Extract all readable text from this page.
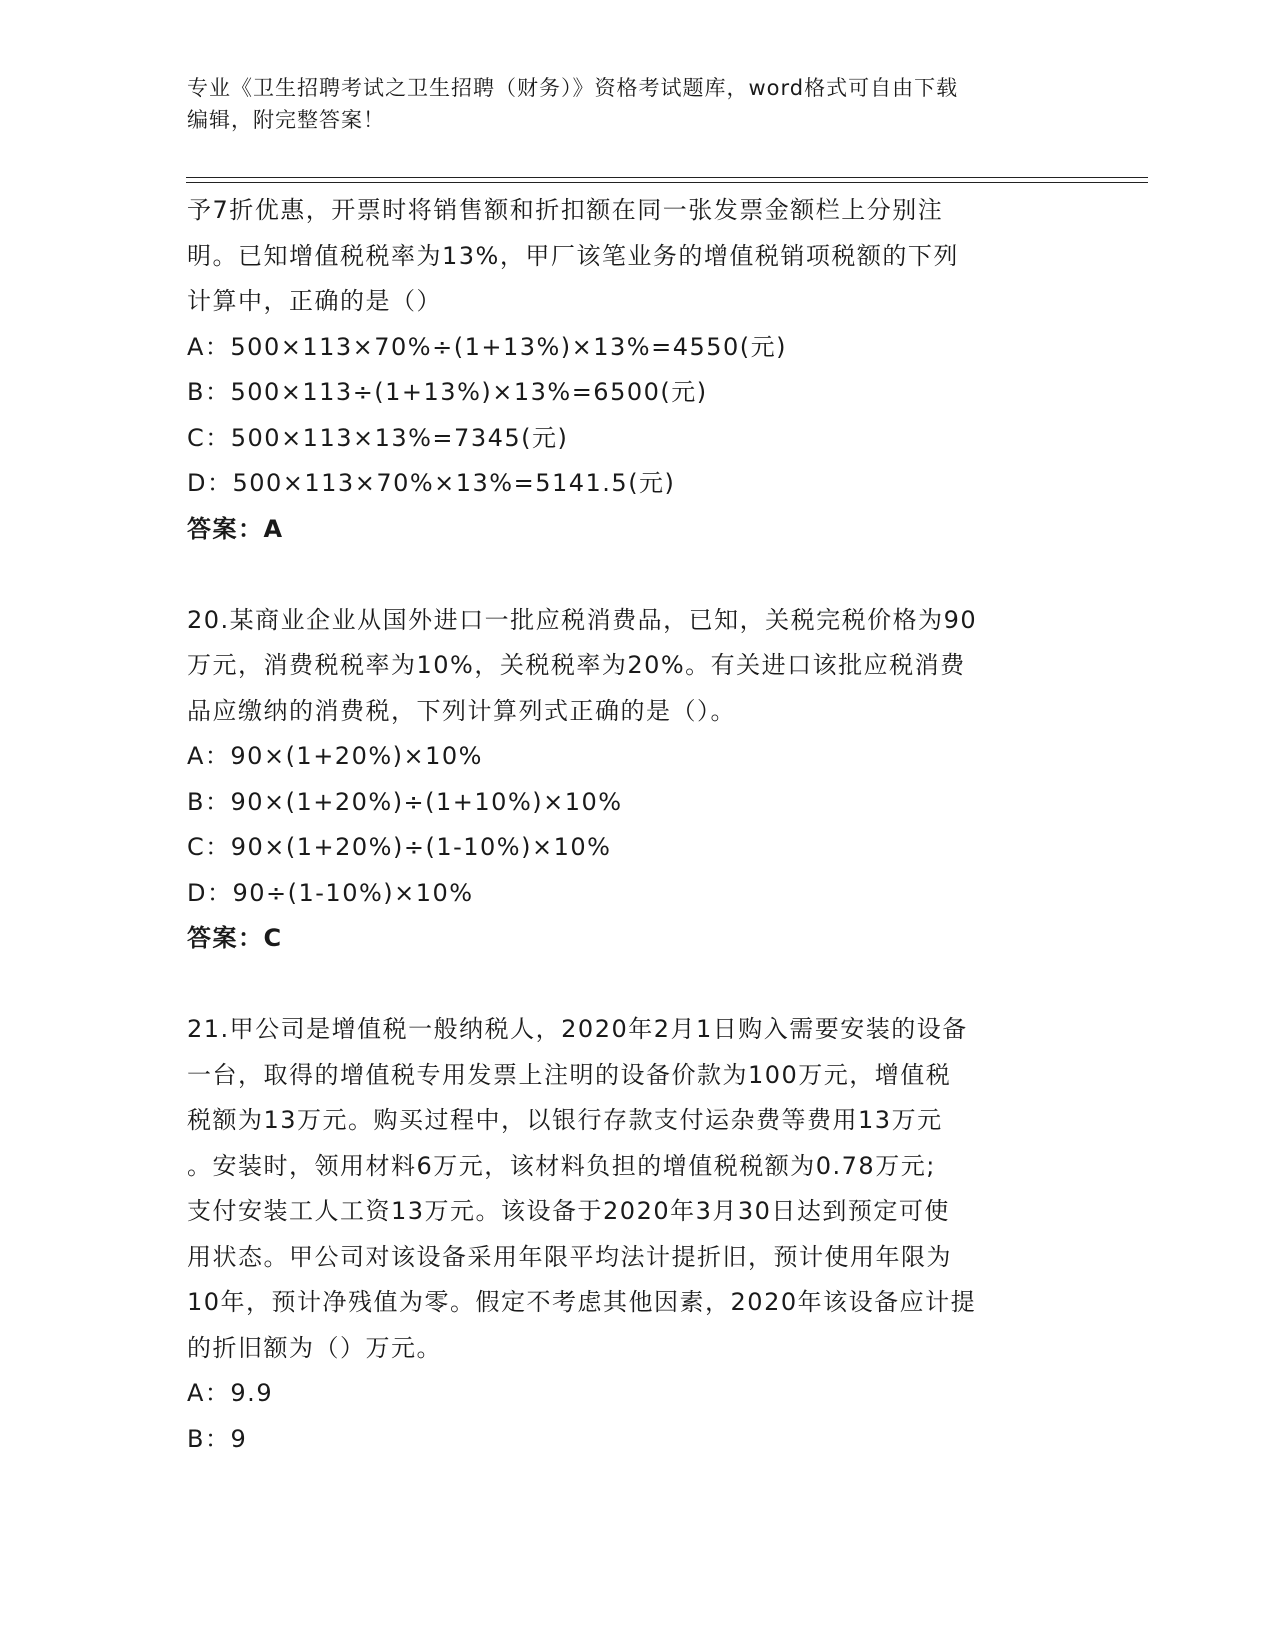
专业《卫生招聘考试之卫生招聘（财务）》资格考试题库，word格式可自由下载
编辑，附完整答案！
予7折优惠，开票时将销售额和折扣额在同一张发票金额栏上分别注
明。已知增值税税率为13%，甲厂该笔业务的增值税销项税额的下列
计算中，正确的是（）
A：500×113×70%÷(1+13%)×13%=4550(元)
B：500×113÷(1+13%)×13%=6500(元)
C：500×113×13%=7345(元)
D：500×113×70%×13%=5141.5(元)
答案：A
20.某商业企业从国外进口一批应税消费品，已知，关税完税价格为90
万元，消费税税率为10%，关税税率为20%。有关进口该批应税消费
品应缴纳的消费税，下列计算列式正确的是（）。
A：90×(1+20%)×10%
B：90×(1+20%)÷(1+10%)×10%
C：90×(1+20%)÷(1-10%)×10%
D：90÷(1-10%)×10%
答案：C
21.甲公司是增值税一般纳税人，2020年2月1日购入需要安装的设备
一台，取得的增值税专用发票上注明的设备价款为100万元，增值税
税额为13万元。购买过程中，以银行存款支付运杂费等费用13万元
。安装时，领用材料6万元，该材料负担的增值税税额为0.78万元;
支付安装工人工资13万元。该设备于2020年3月30日达到预定可使
用状态。甲公司对该设备采用年限平均法计提折旧，预计使用年限为
10年，预计净残值为零。假定不考虑其他因素，2020年该设备应计提
的折旧额为（）万元。
A：9.9
B：9
